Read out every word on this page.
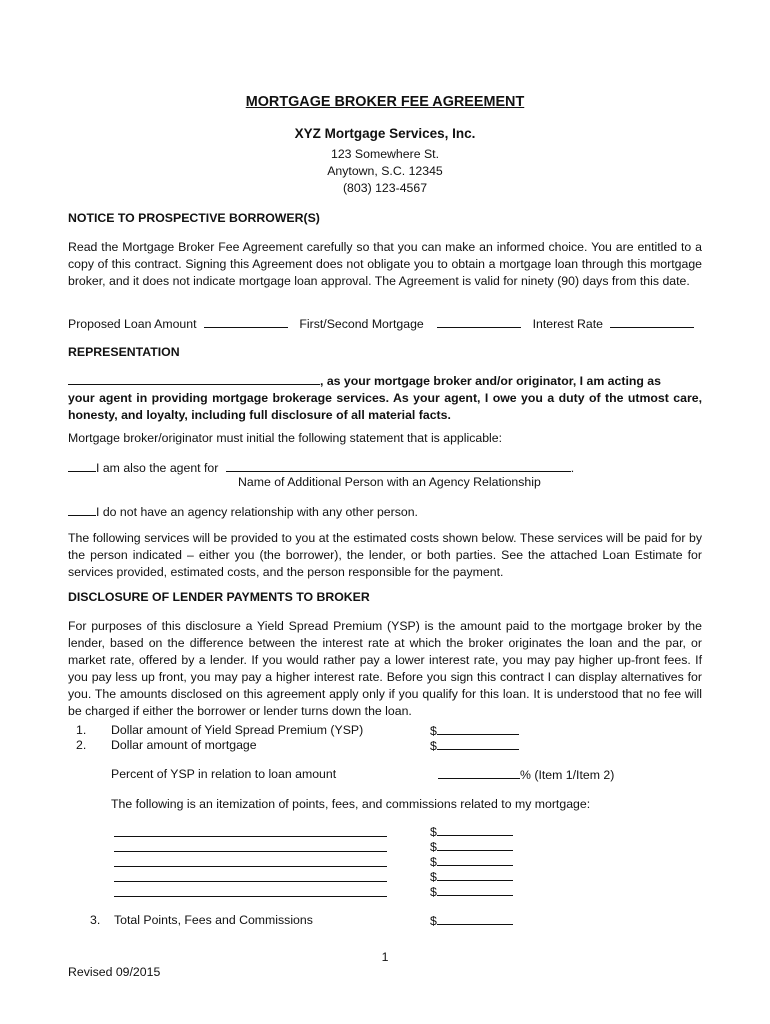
MORTGAGE BROKER FEE AGREEMENT
XYZ Mortgage Services, Inc.
123 Somewhere St.
Anytown, S.C. 12345
(803) 123-4567
NOTICE TO PROSPECTIVE BORROWER(S)
Read the Mortgage Broker Fee Agreement carefully so that you can make an informed choice. You are entitled to a copy of this contract. Signing this Agreement does not obligate you to obtain a mortgage loan through this mortgage broker, and it does not indicate mortgage loan approval. The Agreement is valid for ninety (90) days from this date.
Proposed Loan Amount	First/Second Mortgage	Interest Rate
REPRESENTATION
, as your mortgage broker and/or originator, I am acting as
your agent in providing mortgage brokerage services. As your agent, I owe you a duty of the utmost care, honesty, and loyalty, including full disclosure of all material facts.
Mortgage broker/originator must initial the following statement that is applicable:
I am also the agent for	.
Name of Additional Person with an Agency Relationship
I do not have an agency relationship with any other person.
The following services will be provided to you at the estimated costs shown below. These services will be paid for by the person indicated – either you (the borrower), the lender, or both parties. See the attached Loan Estimate for services provided, estimated costs, and the person responsible for the payment.
DISCLOSURE OF LENDER PAYMENTS TO BROKER
For purposes of this disclosure a Yield Spread Premium (YSP) is the amount paid to the mortgage broker by the lender, based on the difference between the interest rate at which the broker originates the loan and the par, or market rate, offered by a lender. If you would rather pay a lower interest rate, you may pay higher up-front fees. If you pay less up front, you may pay a higher interest rate. Before you sign this contract I can display alternatives for you. The amounts disclosed on this agreement apply only if you qualify for this loan. It is understood that no fee will be charged if either the borrower or lender turns down the loan.
1. Dollar amount of Yield Spread Premium (YSP)	$
2. Dollar amount of mortgage	$
Percent of YSP in relation to loan amount	% (Item 1/Item 2)
The following is an itemization of points, fees, and commissions related to my mortgage:
$
$
$
$
$
3. Total Points, Fees and Commissions	$
1
Revised 09/2015
